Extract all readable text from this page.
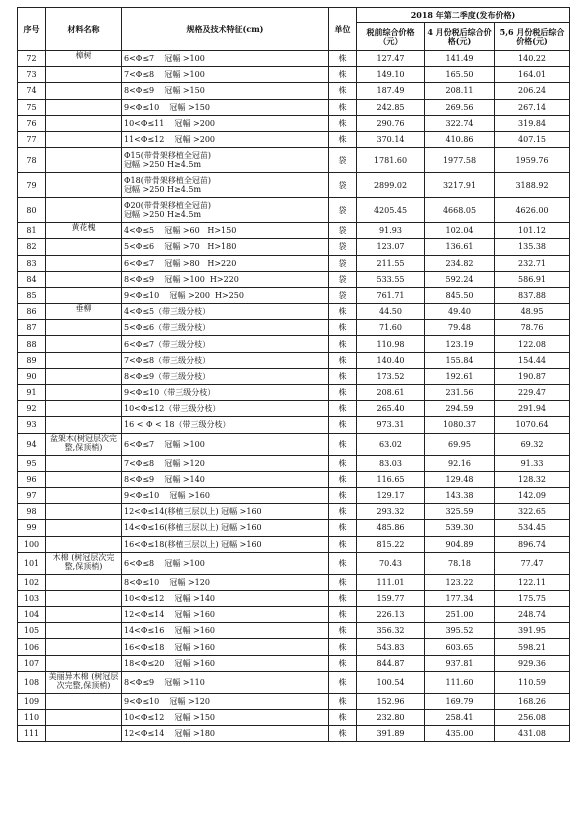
序号	材料名称	规格及技术特征(cm)	单位	2018 年第二季度(发布价格)		
				税前综合价格（元）	4 月份税后综合价格(元)	5,6 月份税后综合价格(元)
72	樟树	6<Φ≤7    冠幅 >100	株	127.47	141.49	140.22
73		7<Φ≤8    冠幅 >100	株	149.10	165.50	164.01
74		8<Φ≤9    冠幅 >150	株	187.49	208.11	206.24
75		9<Φ≤10    冠幅 >150	株	242.85	269.56	267.14
76		10<Φ≤11    冠幅 >200	株	290.76	322.74	319.84
77		11<Φ≤12    冠幅 >200	株	370.14	410.86	407.15
78		Φ15(带骨架移植全冠苗)
冠幅 >250 H≥4.5m	袋	1781.60	1977.58	1959.76
79		Φ18(带骨架移植全冠苗)
冠幅 >250 H≥4.5m	袋	2899.02	3217.91	3188.92
80		Φ20(带骨架移植全冠苗)
冠幅 >250 H≥4.5m	袋	4205.45	4668.05	4626.00
81	黄花槐	4<Φ≤5    冠幅 >60   H>150	袋	91.93	102.04	101.12
82		5<Φ≤6    冠幅 >70   H>180	袋	123.07	136.61	135.38
83		6<Φ≤7    冠幅 >80   H>220	袋	211.55	234.82	232.71
84		8<Φ≤9    冠幅 >100  H>220	袋	533.55	592.24	586.91
85		9<Φ≤10    冠幅 >200  H>250	袋	761.71	845.50	837.88
86	垂柳	4<Φ≤5（带三级分枝）	株	44.50	49.40	48.95
87		5<Φ≤6（带三级分枝）	株	71.60	79.48	78.76
88		6<Φ≤7（带三级分枝）	株	110.98	123.19	122.08
89		7<Φ≤8（带三级分枝）	株	140.40	155.84	154.44
90		8<Φ≤9（带三级分枝）	株	173.52	192.61	190.87
91		9<Φ≤10（带三级分枝）	株	208.61	231.56	229.47
92		10<Φ≤12（带三级分枝）	株	265.40	294.59	291.94
93		16 < Φ < 18（带三级分枝）	株	973.31	1080.37	1070.64
94	盆架木(树冠层次完整,保顶梢)	6<Φ≤7    冠幅 >100	株	63.02	69.95	69.32
95		7<Φ≤8    冠幅 >120	株	83.03	92.16	91.33
96		8<Φ≤9    冠幅 >140	株	116.65	129.48	128.32
97		9<Φ≤10    冠幅 >160	株	129.17	143.38	142.09
98		12<Φ≤14(移植三层以上) 冠幅 >160	株	293.32	325.59	322.65
99		14<Φ≤16(移植三层以上) 冠幅 >160	株	485.86	539.30	534.45
100		16<Φ≤18(移植三层以上) 冠幅 >160	株	815.22	904.89	896.74
101	木棉 (树冠层次完整,保顶梢)	6<Φ≤8    冠幅 >100	株	70.43	78.18	77.47
102		8<Φ≤10    冠幅 >120	株	111.01	123.22	122.11
103		10<Φ≤12    冠幅 >140	株	159.77	177.34	175.75
104		12<Φ≤14    冠幅 >160	株	226.13	251.00	248.74
105		14<Φ≤16    冠幅 >160	株	356.32	395.52	391.95
106		16<Φ≤18    冠幅 >160	株	543.83	603.65	598.21
107		18<Φ≤20    冠幅 >160	株	844.87	937.81	929.36
108	美丽异木棉 (树冠层次完整,保顶梢)	8<Φ≤9    冠幅 >110	株	100.54	111.60	110.59
109		9<Φ≤10    冠幅 >120	株	152.96	169.79	168.26
110		10<Φ≤12    冠幅 >150	株	232.80	258.41	256.08
111		12<Φ≤14    冠幅 >180	株	391.89	435.00	431.08
